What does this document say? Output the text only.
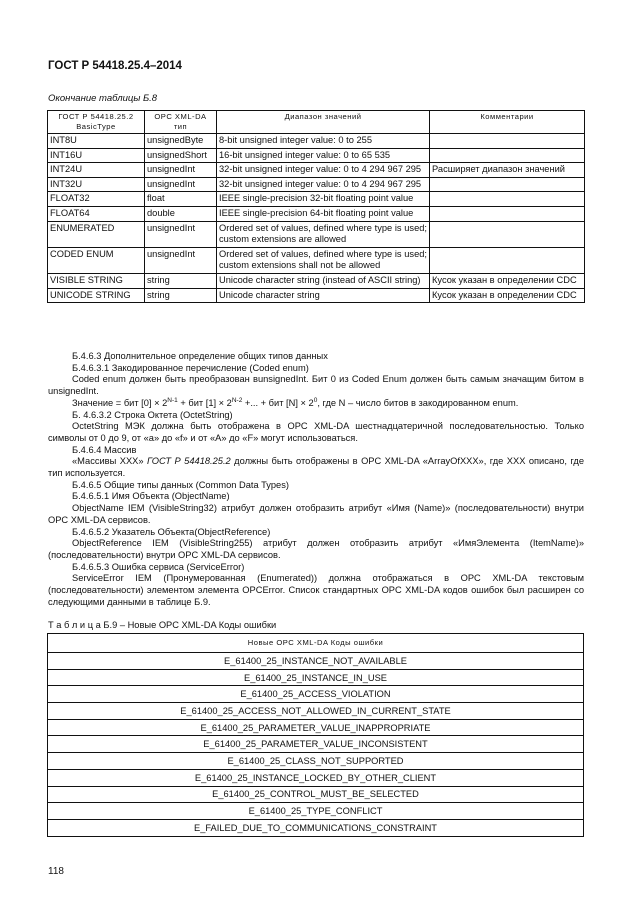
ГОСТ Р 54418.25.4–2014
Окончание таблицы Б.8
ГОСТ Р 54418.25.2 BasicType	OPC XML-DA тип	Диапазон значений	Комментарии
INT8U	unsignedByte	8-bit unsigned integer value: 0 to 255	
INT16U	unsignedShort	16-bit unsigned integer value: 0 to 65 535	
INT24U	unsignedInt	32-bit unsigned integer value: 0 to 4 294 967 295	Расширяет диапазон значений
INT32U	unsignedInt	32-bit unsigned integer value: 0 to 4 294 967 295	
FLOAT32	float	IEEE single-precision 32-bit floating point value	
FLOAT64	double	IEEE single-precision 64-bit floating point value	
ENUMERATED	unsignedInt	Ordered set of values, defined where type is used; custom extensions are allowed	
CODED ENUM	unsignedInt	Ordered set of values, defined where type is used; custom extensions shall not be allowed	
VISIBLE STRING	string	Unicode character string (instead of ASCII string)	Кусок указан в определении CDC
UNICODE STRING	string	Unicode character string	Кусок указан в определении CDC

Б.4.6.3 Дополнительное определение общих типов данных

Б.4.6.3.1 Закодированное перечисление (Coded enum)

Coded enum должен быть преобразован вunsignedInt. Бит 0 из Coded Enum должен быть самым значащим битом в unsignedInt.

Значение = бит $[0] \times 2^{N-1}$ + бит $[1] \times 2^{N-2}$ +... + бит $[N] \times 2^0$, где N – число битов в закодированном enum.

Б. 4.6.3.2 Строка Октета (OctetString)

OctetString МЭК должна быть отображена в OPC XML-DA шестнадцатеричной последовательностью. Только символы от 0 до 9, от «a» до «f» и от «A» до «F» могут использоваться.

Б.4.6.4 Массив

«Массивы XXX» ГОСТ Р 54418.25.2 должны быть отображены в OPC XML-DA «ArrayOfXXX», где XXX описано, где тип используется.

Б.4.6.5 Общие типы данных (Common Data Types)

Б.4.6.5.1 Имя Объекта (ObjectName)

ObjectName IEM (VisibleString32) атрибут должен отобразить атрибут «Имя (Name)» (последовательности) внутри OPC XML-DA сервисов.

Б.4.6.5.2 Указатель Объекта(ObjectReference)

ObjectReference IEM (VisibleString255) атрибут должен отобразить атрибут «ИмяЭлемента (ItemName)» (последовательности) внутри OPC XML-DA сервисов.

Б.4.6.5.3 Ошибка сервиса (ServiceError)

ServiceError IEM (Пронумерованная (Enumerated)) должна отображаться в OPC XML-DA текстовым (последовательности) элементом элемента OPCError. Список стандартных OPC XML-DA кодов ошибок был расширен со следующими данными в таблице Б.9.

Т а б л и ц а Б.9 – Новые OPC XML-DA Коды ошибки
Новые OPC XML-DA Коды ошибки
E_61400_25_INSTANCE_NOT_AVAILABLE
E_61400_25_INSTANCE_IN_USE
E_61400_25_ACCESS_VIOLATION
E_61400_25_ACCESS_NOT_ALLOWED_IN_CURRENT_STATE
E_61400_25_PARAMETER_VALUE_INAPPROPRIATE
E_61400_25_PARAMETER_VALUE_INCONSISTENT
E_61400_25_CLASS_NOT_SUPPORTED
E_61400_25_INSTANCE_LOCKED_BY_OTHER_CLIENT
E_61400_25_CONTROL_MUST_BE_SELECTED
E_61400_25_TYPE_CONFLICT
E_FAILED_DUE_TO_COMMUNICATIONS_CONSTRAINT
118
